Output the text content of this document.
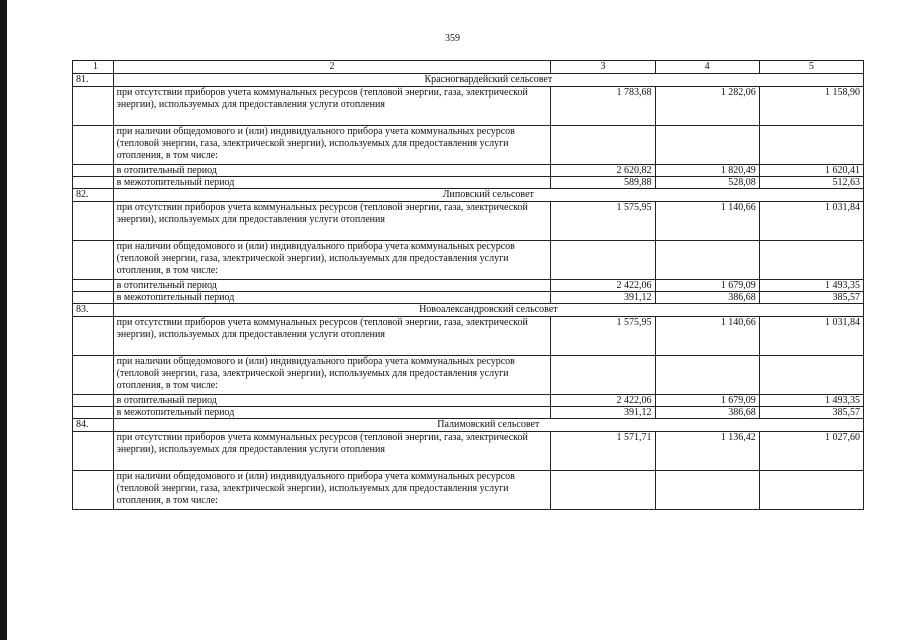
359
1	2	3	4	5
81.	Красногвардейский сельсовет			
	при отсутствии приборов учета коммунальных ресурсов (тепловой энергии, газа, электрической энергии), используемых для предоставления услуги отопления	1 783,68	1 282,06	1 158,90
	при наличии общедомового и (или) индивидуального прибора учета коммунальных ресурсов (тепловой энергии, газа, электрической энергии), используемых для предоставления услуги отопления, в том числе:			
	в отопительный период	2 620,82	1 820,49	1 620,41
	в межотопительный период	589,88	528,08	512,63
82.	Липовский сельсовет			
	при отсутствии приборов учета коммунальных ресурсов (тепловой энергии, газа, электрической энергии), используемых для предоставления услуги отопления	1 575,95	1 140,66	1 031,84
	при наличии общедомового и (или) индивидуального прибора учета коммунальных ресурсов (тепловой энергии, газа, электрической энергии), используемых для предоставления услуги отопления, в том числе:			
	в отопительный период	2 422,06	1 679,09	1 493,35
	в межотопительный период	391,12	386,68	385,57
83.	Новоалександровский сельсовет			
	при отсутствии приборов учета коммунальных ресурсов (тепловой энергии, газа, электрической энергии), используемых для предоставления услуги отопления	1 575,95	1 140,66	1 031,84
	при наличии общедомового и (или) индивидуального прибора учета коммунальных ресурсов (тепловой энергии, газа, электрической энергии), используемых для предоставления услуги отопления, в том числе:			
	в отопительный период	2 422,06	1 679,09	1 493,35
	в межотопительный период	391,12	386,68	385,57
84.	Палимовский сельсовет			
	при отсутствии приборов учета коммунальных ресурсов (тепловой энергии, газа, электрической энергии), используемых для предоставления услуги отопления	1 571,71	1 136,42	1 027,60
	при наличии общедомового и (или) индивидуального прибора учета коммунальных ресурсов (тепловой энергии, газа, электрической энергии), используемых для предоставления услуги отопления, в том числе:			
